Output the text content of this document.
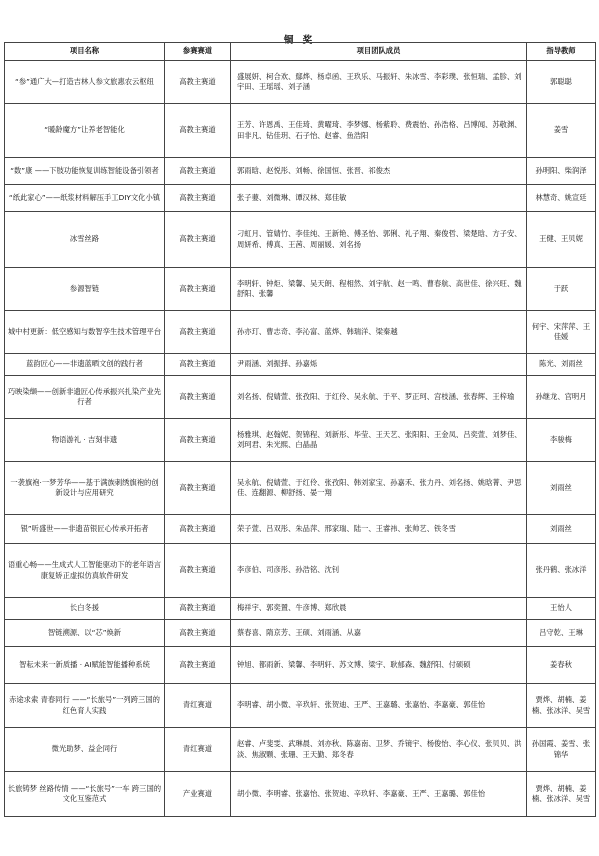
铜 奖
项目名称	参赛赛道	项目团队成员	指导教师
“参”通广大—打造吉林人参文旅惠农云枢纽	高教主赛道	盛展妍、柯合欢、鄢烨、杨卓函、王玖乐、马振轩、朱冰雪、李彩璞、张恒瑞、孟胗、刘宇田、王瑶瑶、刘子涵	郭聪聪
“暖龄魔方”让养老智能化	高教主赛道	王芳、许恩禹、王佳琦、黄曜琦、李梦娜、杨紫聆、费震怡、孙浩格、吕博闻、苏敬渊、田非凡、钻佳玥、石子怡、赵睿、鱼浩阳	姜雪
“数”康 ——下肢功能恢复训练智能设备引领者	高教主赛道	郭雨晗、赵悦彤、刘畅、徐国恒、张晋、祁俊杰	孙明阳、柴润泽
“纸此家心”——纸浆材料解压手工DIY文化小镇	高教主赛道	张子葽、刘微琳、谭汉林、郑佳敏	林慧奇、姚宣廷
冰雪丝路	高教主赛道	刁虹月、管婧竹、李佳纯、王新艳、傅圣怡、郭俐、礼子翔、秦俊哲、梁楚晗、方子安、周妍希、傅真、王茜、周丽媛、刘名扬	王健、王贝妮
参源智链	高教主赛道	李明轩、钟炬、梁馨、吴天朗、程相然、刘宇航、赵一鸣、曹春航、高世佳、徐兴旺、魏舒阳、张馨	于跃
城中村更新：低空感知与数智孪生技术管理平台	高教主赛道	孙亦玎、曹志奇、李沁富、蓝烨、韩瑞洋、梁秦越	何宇、宋萍萍、王佳媛
蓝韵匠心——非遗蓝晒文创的践行者	高教主赛道	尹雨涵、刘振择、孙嘉烁	陈光、刘雨丝
巧映染缬——创新非遗匠心传承振兴扎染产业先行者	高教主赛道	刘名扬、倪婧萱、张孜阳、于红伶、吴永航、于平、罗正珂、宫枝涵、张春辉、王梓瑜	孙继龙、宫明月
物语游礼 · 吉刻非遗	高教主赛道	杨雅琪、赵翰妮、贺锦程、刘新彤、毕莹、王天艺、张阳阳、王金凤、吕奕萱、刘梦佳、刘珂君、朱光熙、白晶晶	李骏梅
一袭旗袍·一梦芳华——基于满族刺绣旗袍的创新设计与应用研究	高教主赛道	吴永航、倪婧萱、于红伶、张孜阳、韩刘家宝、孙嘉禾、张力丹、刘名扬、姚晗菁、尹思佳、连翻源、柳舒扬、晏一翔	刘雨丝
银”听盛世——非遗苗银匠心传承开拓者	高教主赛道	荣子萱、吕双彤、朱品萍、邢家瑞、陆一、王睿祎、张帅艺、铁冬雪	刘雨丝
语重心畅——生成式人工智能驱动下的老年语言康复矫正虚拟仿真软件研发	高教主赛道	李彦伯、司彦彤、孙浩铭、沈钊	张丹鹤、张冰洋
长白冬援	高教主赛道	梅祥宇、郭奕置、牛彦博、郑欣晨	王怡人
智链溯源、以“芯”焕新	高教主赛道	蔡春喜、隋京芳、王硕、刘雨涵、从嘉	吕守乾、王琳
智耘未来一新质播 · AI赋能智能播种系统	高教主赛道	钟旭、都雨新、梁馨、李明轩、苏文博、梁宇、耿郁森、魏舒阳、付硕硕	姜春秋
赤途求索 青春同行 ——“长旅号”一列跨三国的红色育人实践	青红赛道	李明睿、胡小微、辛玖轩、张贺迪、王严、王嘉璐、张嘉怡、李嘉豪、郭佳怡	贾烨、胡楠、姜楠、张冰洋、吴雪
微光助梦、益企同行	青红赛道	赵睿、卢斐雯、武琳晨、刘亦秋、陈嘉南、卫梦、乔镜宇、杨俊怡、李心仪、张贝贝、洪淡、焦淑颗、张珊、王天勤、郑冬春	孙国霞、姜雪、张锦华
长旅铸梦 丝路传情 ——“长旅号”一车 跨三国的文化互鉴范式	产业赛道	胡小微、李明睿、张嘉怡、张贺迪、辛玖轩、李嘉豪、王严、王嘉璐、郭佳怡	贾烨、胡楠、姜楠、张冰洋、吴雪
